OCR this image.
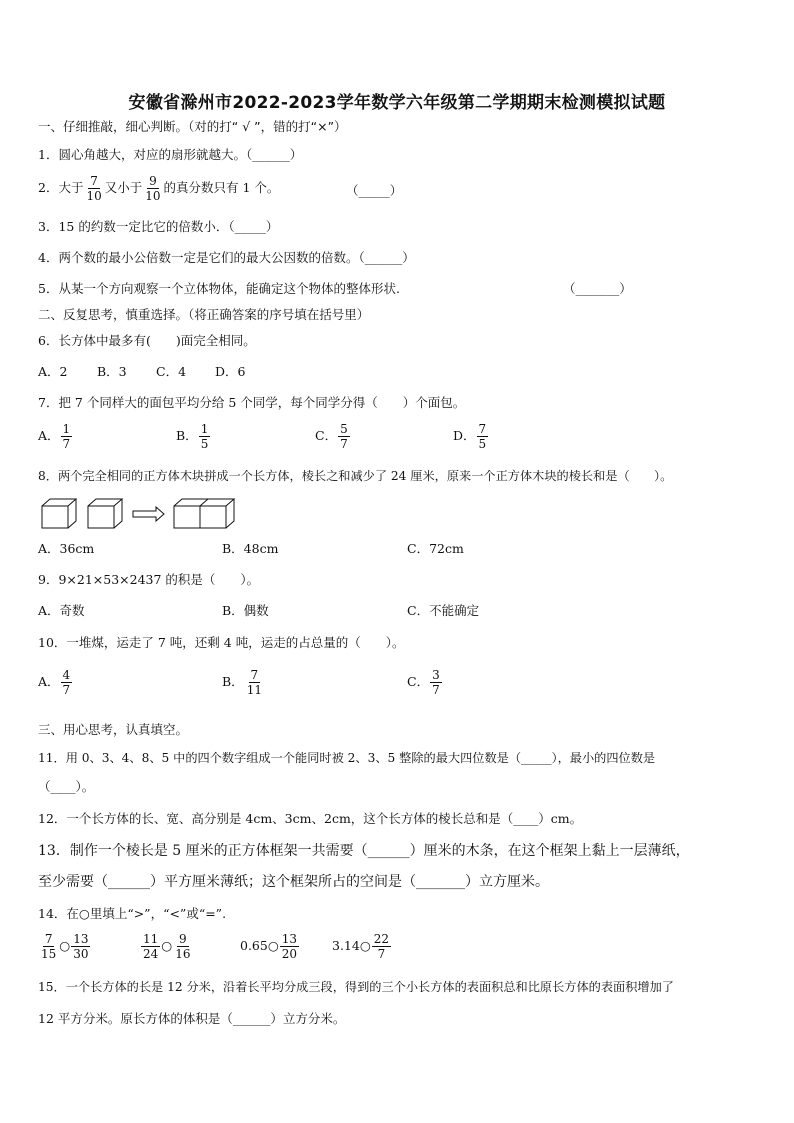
安徽省滁州市2022-2023学年数学六年级第二学期期末检测模拟试题
一、仔细推敲，细心判断。（对的打“ √ ”，错的打“×”）
1．圆心角越大，对应的扇形就越大。（______）
2．大于 $\frac{7}{10}$ 又小于 $\frac{9}{10}$ 的真分数只有 1 个。	（_____）
3．15 的约数一定比它的倍数小．（_____）
4．两个数的最小公倍数一定是它们的最大公因数的倍数。（______）
5．从某一个方向观察一个立体物体，能确定这个物体的整体形状.	（_______）
二、反复思考，慎重选择。（将正确答案的序号填在括号里）
6．长方体中最多有(　　)面完全相同。
A．2 B．3 C．4 D．6
7．把 7 个同样大的面包平均分给 5 个同学，每个同学分得（　　）个面包。
A． $\frac{1}{7}$	B． $\frac{1}{5}$	C． $\frac{5}{7}$	D． $\frac{7}{5}$
8．两个完全相同的正方体木块拼成一个长方体，棱长之和减少了 24 厘米，原来一个正方体木块的棱长和是（　　）。
A．36cm	B．48cm	C．72cm
9．9×21×53×2437 的积是（　　）。
A．奇数	B．偶数	C．不能确定
10．一堆煤，运走了 7 吨，还剩 4 吨，运走的占总量的（　　）。
A． $\frac{4}{7}$	B． $\frac{7}{11}$	C． $\frac{3}{7}$
三、用心思考，认真填空。
11．用 0、3、4、8、5 中的四个数字组成一个能同时被 2、3、5 整除的最大四位数是（_____），最小的四位数是
（____）。
12．一个长方体的长、宽、高分别是 4cm、3cm、2cm，这个长方体的棱长总和是（____）cm。
13．制作一个棱长是 5 厘米的正方体框架一共需要（______）厘米的木条，在这个框架上黏上一层薄纸，
至少需要（______）平方厘米薄纸；这个框架所占的空间是（_______）立方厘米。
14．在○里填上“>”，“<”或“=”.
$\frac{7}{15}$ ○ $\frac{13}{30}$	$\frac{11}{24}$ ○ $\frac{9}{16}$	0.65○ $\frac{13}{20}$	3.14○ $\frac{22}{7}$
15．一个长方体的长是 12 分米，沿着长平均分成三段，得到的三个小长方体的表面积总和比原长方体的表面积增加了
12 平方分米。原长方体的体积是（______）立方分米。
